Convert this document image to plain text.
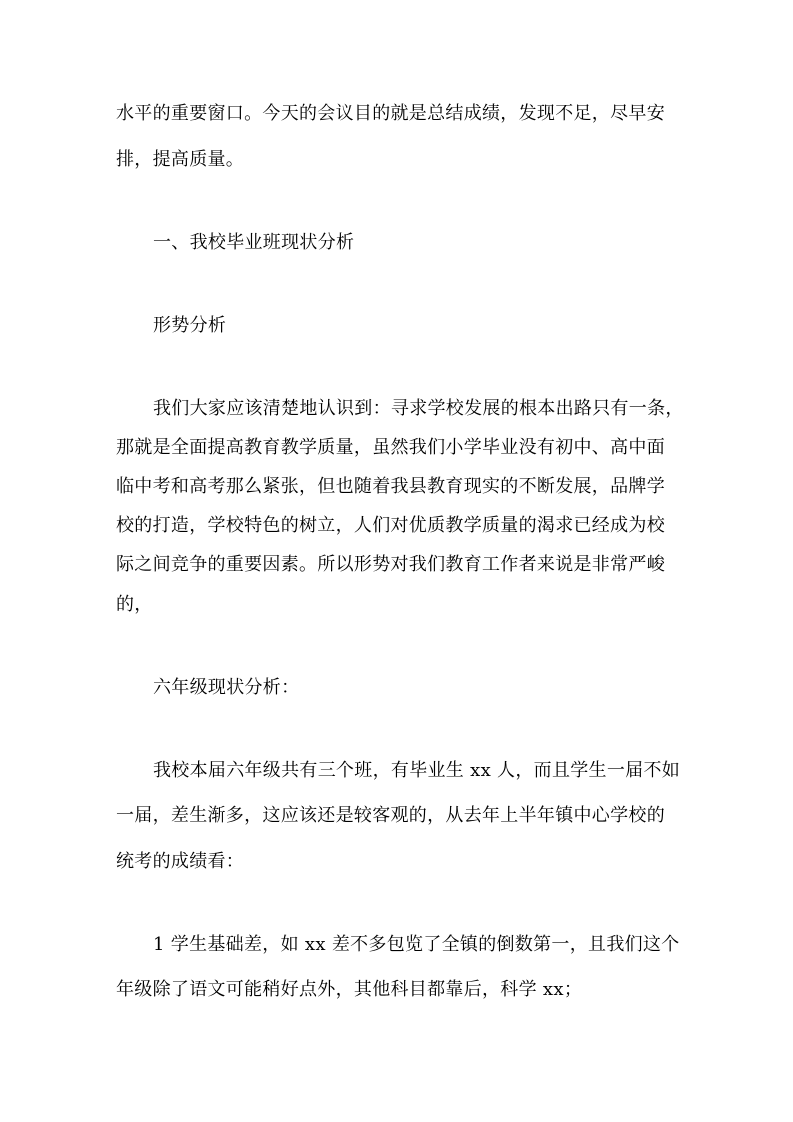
水平的重要窗口。今天的会议目的就是总结成绩，发现不足，尽早安
排，提高质量。
一、我校毕业班现状分析
形势分析
我们大家应该清楚地认识到：寻求学校发展的根本出路只有一条，
那就是全面提高教育教学质量，虽然我们小学毕业没有初中、高中面
临中考和高考那么紧张，但也随着我县教育现实的不断发展，品牌学
校的打造，学校特色的树立，人们对优质教学质量的渴求已经成为校
际之间竞争的重要因素。所以形势对我们教育工作者来说是非常严峻
的，
六年级现状分析：
我校本届六年级共有三个班，有毕业生 xx 人，而且学生一届不如
一届，差生渐多，这应该还是较客观的，从去年上半年镇中心学校的
统考的成绩看：
1 学生基础差，如 xx 差不多包览了全镇的倒数第一，且我们这个
年级除了语文可能稍好点外，其他科目都靠后，科学 xx；
